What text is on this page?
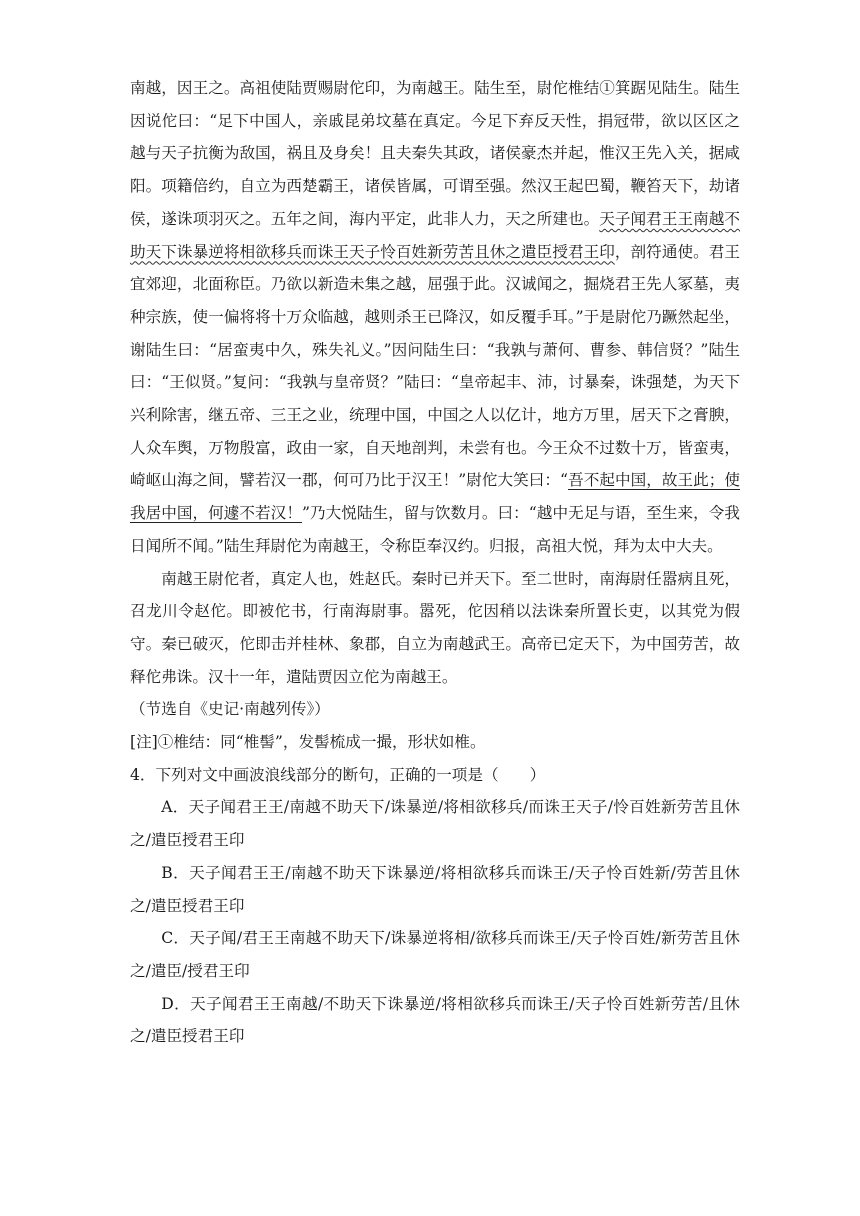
南越，因王之。高祖使陆贾赐尉佗印，为南越王。陆生至，尉佗椎结①箕踞见陆生。陆生因说佗曰：“足下中国人，亲戚昆弟坟墓在真定。今足下弃反天性，捐冠带，欲以区区之越与天子抗衡为敌国，祸且及身矣！且夫秦失其政，诸侯豪杰并起，惟汉王先入关，据咸阳。项籍倍约，自立为西楚霸王，诸侯皆属，可谓至强。然汉王起巴蜀，鞭笞天下，劫诸侯，遂诛项羽灭之。五年之间，海内平定，此非人力，天之所建也。天子闻君王王南越不助天下诛暴逆将相欲移兵而诛王天子怜百姓新劳苦且休之遣臣授君王印，剖符通使。君王宜郊迎，北面称臣。乃欲以新造未集之越，屈强于此。汉诚闻之，掘烧君王先人冢墓，夷种宗族，使一偏将将十万众临越，越则杀王已降汉，如反覆手耳。”于是尉佗乃蹶然起坐，谢陆生曰：“居蛮夷中久，殊失礼义。”因问陆生曰：“我孰与萧何、曹参、韩信贤？”陆生曰：“王似贤。”复问：“我孰与皇帝贤？”陆曰：“皇帝起丰、沛，讨暴秦，诛强楚，为天下兴利除害，继五帝、三王之业，统理中国，中国之人以亿计，地方万里，居天下之膏腴，人众车舆，万物殷富，政由一家，自天地剖判，未尝有也。今王众不过数十万，皆蛮夷，崎岖山海之间，譬若汉一郡，何可乃比于汉王！”尉佗大笑曰：“吾不起中国，故王此；使我居中国，何遽不若汉！”乃大悦陆生，留与饮数月。曰：“越中无足与语，至生来，令我日闻所不闻。”陆生拜尉佗为南越王，令称臣奉汉约。归报，高祖大悦，拜为太中大夫。

南越王尉佗者，真定人也，姓赵氏。秦时已并天下。至二世时，南海尉任嚣病且死，召龙川令赵佗。即被佗书，行南海尉事。嚣死，佗因稍以法诛秦所置长吏，以其党为假守。秦已破灭，佗即击并桂林、象郡，自立为南越武王。高帝已定天下，为中国劳苦，故释佗弗诛。汉十一年，遣陆贾因立佗为南越王。

（节选自《史记·南越列传》）

[注]①椎结：同“椎髻”，发髻梳成一撮，形状如椎。

4．下列对文中画波浪线部分的断句，正确的一项是（　　）

A．天子闻君王王/南越不助天下/诛暴逆/将相欲移兵/而诛王天子/怜百姓新劳苦且休之/遣臣授君王印

B．天子闻君王王/南越不助天下诛暴逆/将相欲移兵而诛王/天子怜百姓新/劳苦且休之/遣臣授君王印

C．天子闻/君王王南越不助天下/诛暴逆将相/欲移兵而诛王/天子怜百姓/新劳苦且休之/遣臣/授君王印

D．天子闻君王王南越/不助天下诛暴逆/将相欲移兵而诛王/天子怜百姓新劳苦/且休之/遣臣授君王印
